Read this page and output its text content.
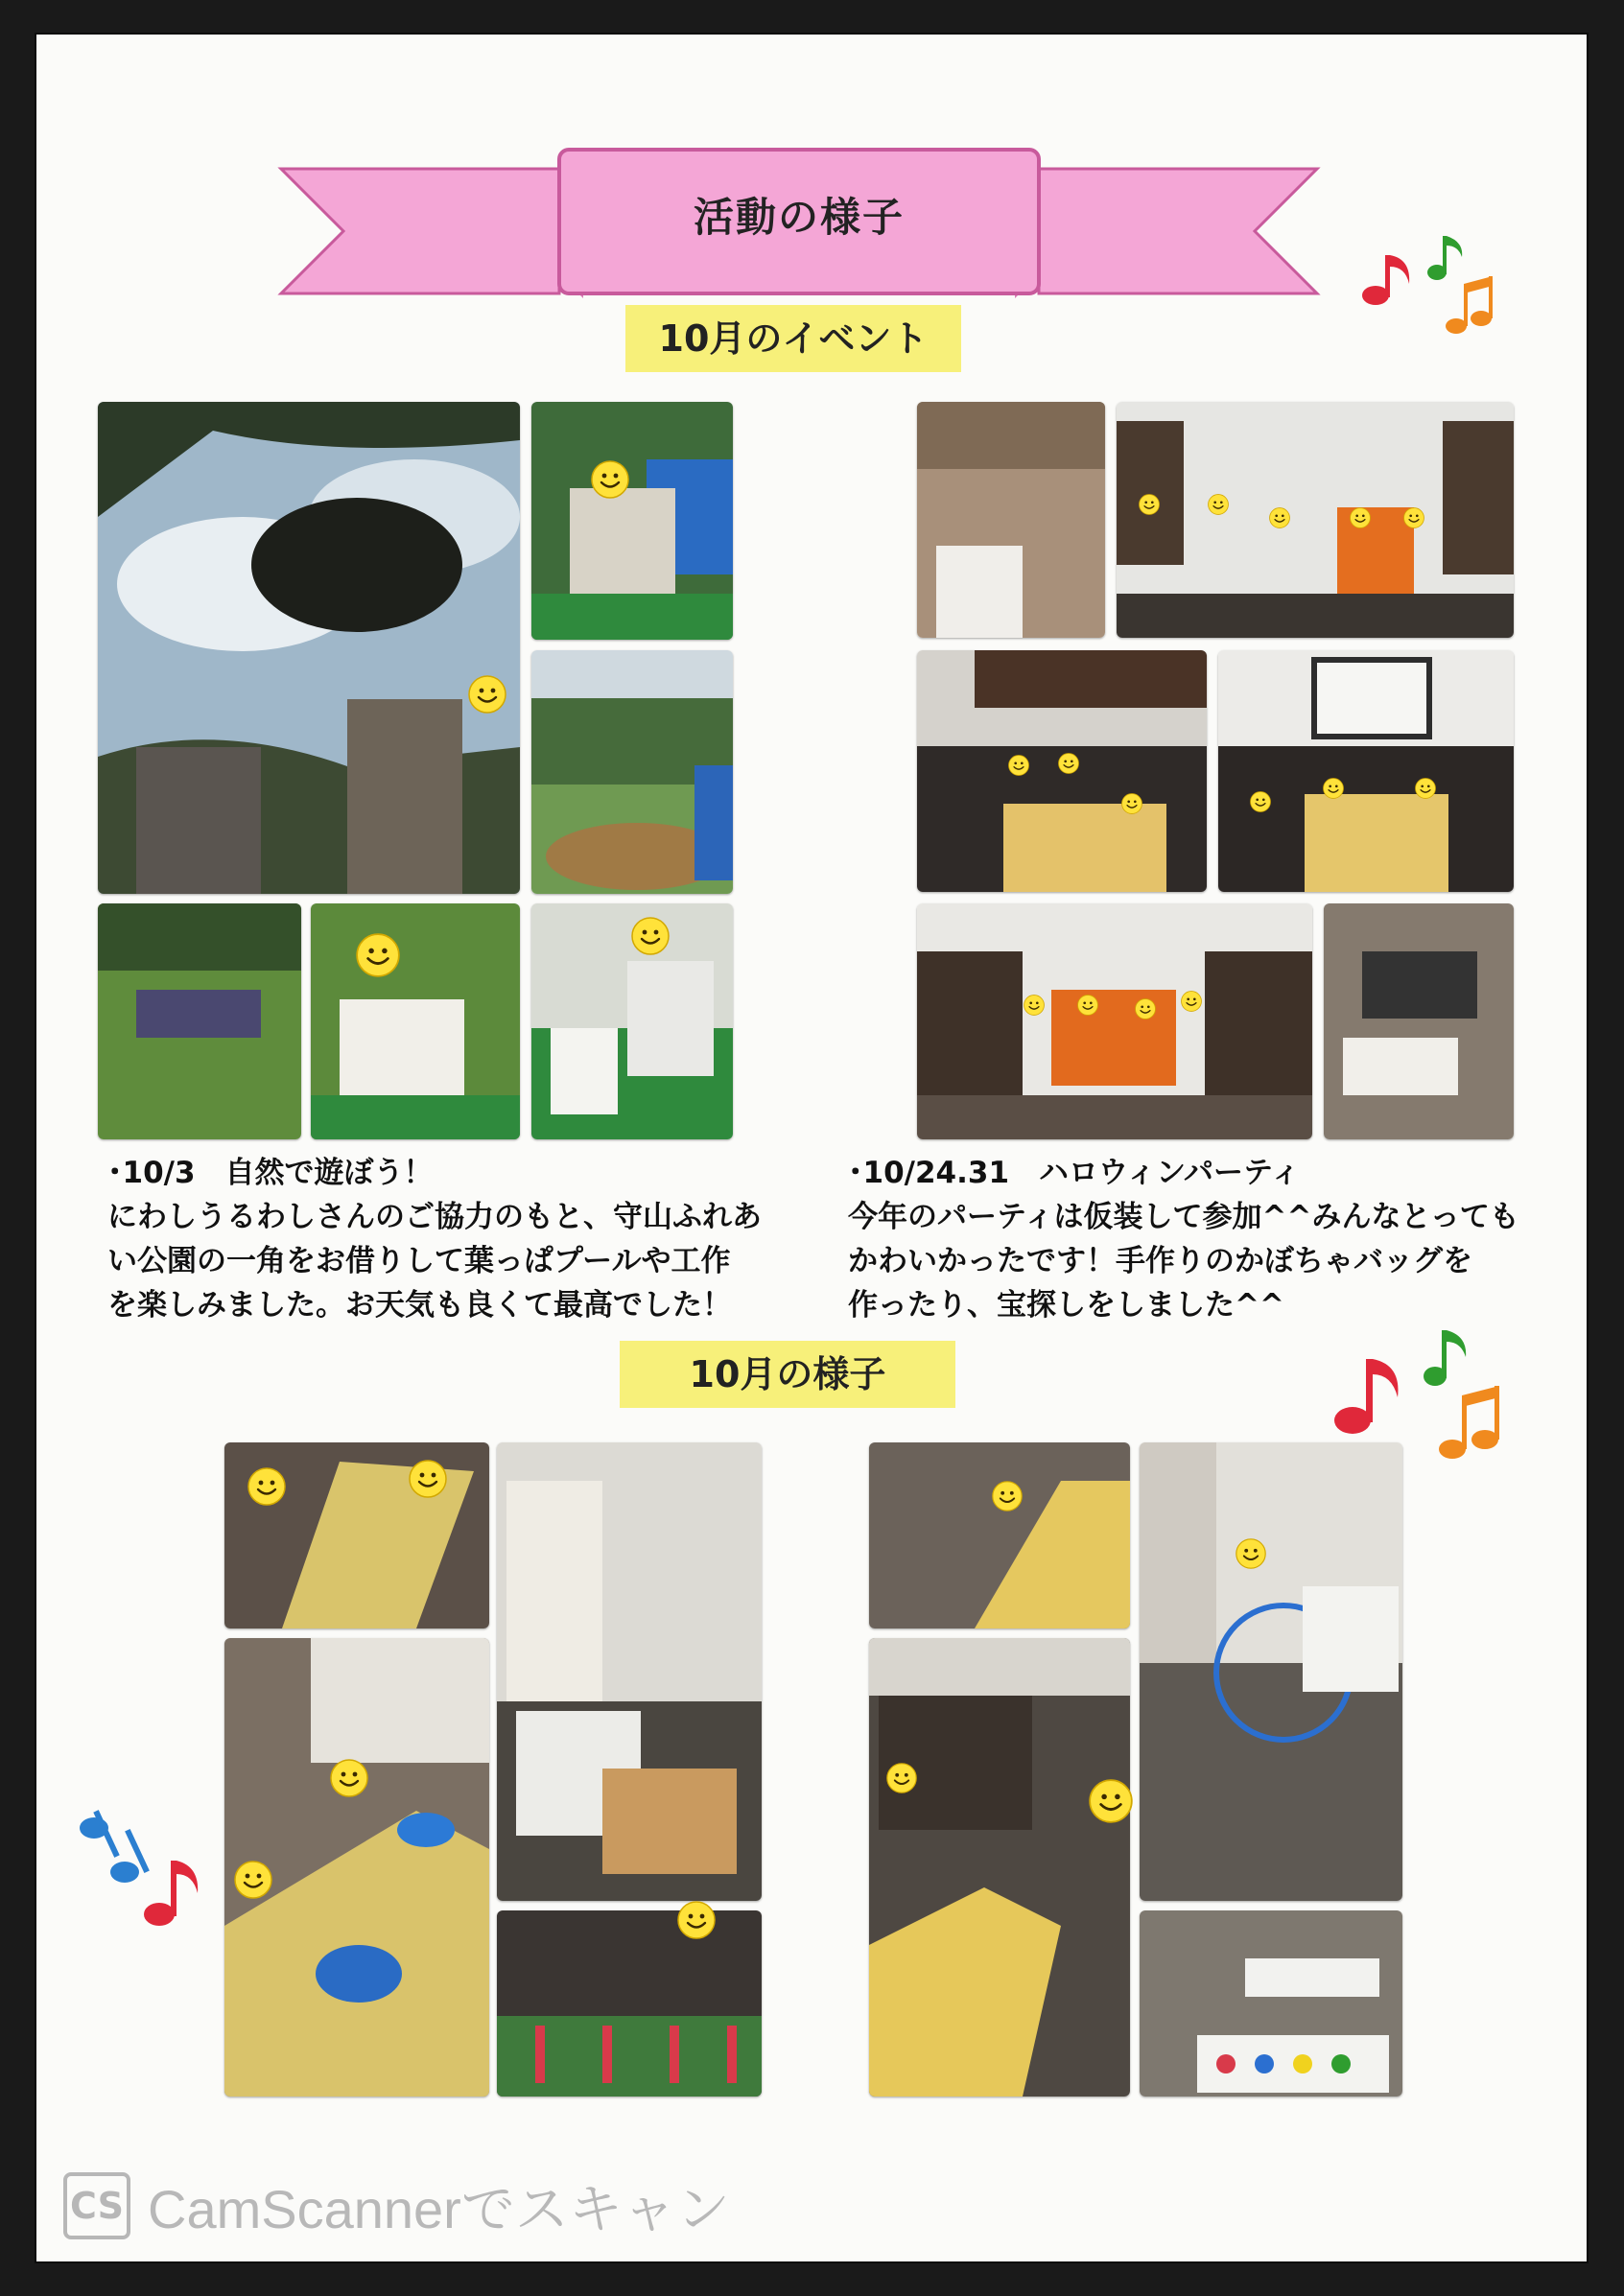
活動の様子
10月のイベント
･10/3　自然で遊ぼう！
にわしうるわしさんのご協力のもと、守山ふれあ
い公園の一角をお借りして葉っぱプールや工作
を楽しみました。お天気も良くて最高でした！
･10/24.31　ハロウィンパーティ
今年のパーティは仮装して参加^^みんなとっても
かわいかったです！手作りのかぼちゃバッグを
作ったり、宝探しをしました^^
10月の様子
CS CamScannerでスキャン
